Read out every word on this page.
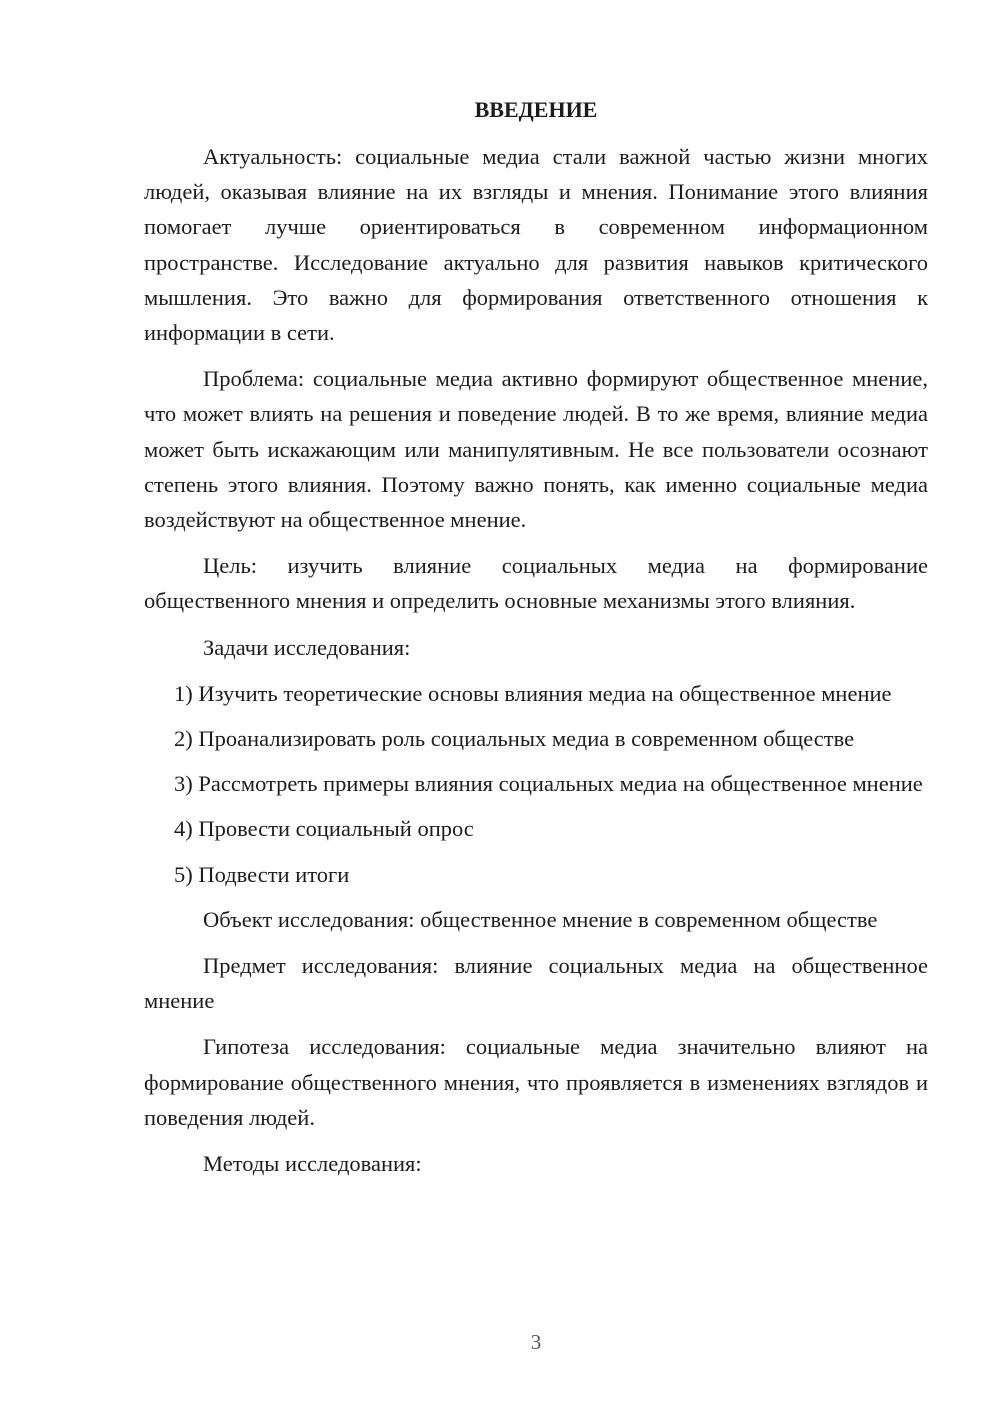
ВВЕДЕНИЕ

Актуальность: социальные медиа стали важной частью жизни многих людей, оказывая влияние на их взгляды и мнения. Понимание этого влияния помогает лучше ориентироваться в современном информационном пространстве. Исследование актуально для развития навыков критического мышления. Это важно для формирования ответственного отношения к информации в сети.

Проблема: социальные медиа активно формируют общественное мнение, что может влиять на решения и поведение людей. В то же время, влияние медиа может быть искажающим или манипулятивным. Не все пользователи осознают степень этого влияния. Поэтому важно понять, как именно социальные медиа воздействуют на общественное мнение.

Цель: изучить влияние социальных медиа на формирование общественного мнения и определить основные механизмы этого влияния.

Задачи исследования:

1) Изучить теоретические основы влияния медиа на общественное мнение

2) Проанализировать роль социальных медиа в современном обществе

3) Рассмотреть примеры влияния социальных медиа на общественное мнение

4) Провести социальный опрос

5) Подвести итоги

Объект исследования: общественное мнение в современном обществе

Предмет исследования: влияние социальных медиа на общественное мнение

Гипотеза исследования: социальные медиа значительно влияют на формирование общественного мнения, что проявляется в изменениях взглядов и поведения людей.

Методы исследования:

3
